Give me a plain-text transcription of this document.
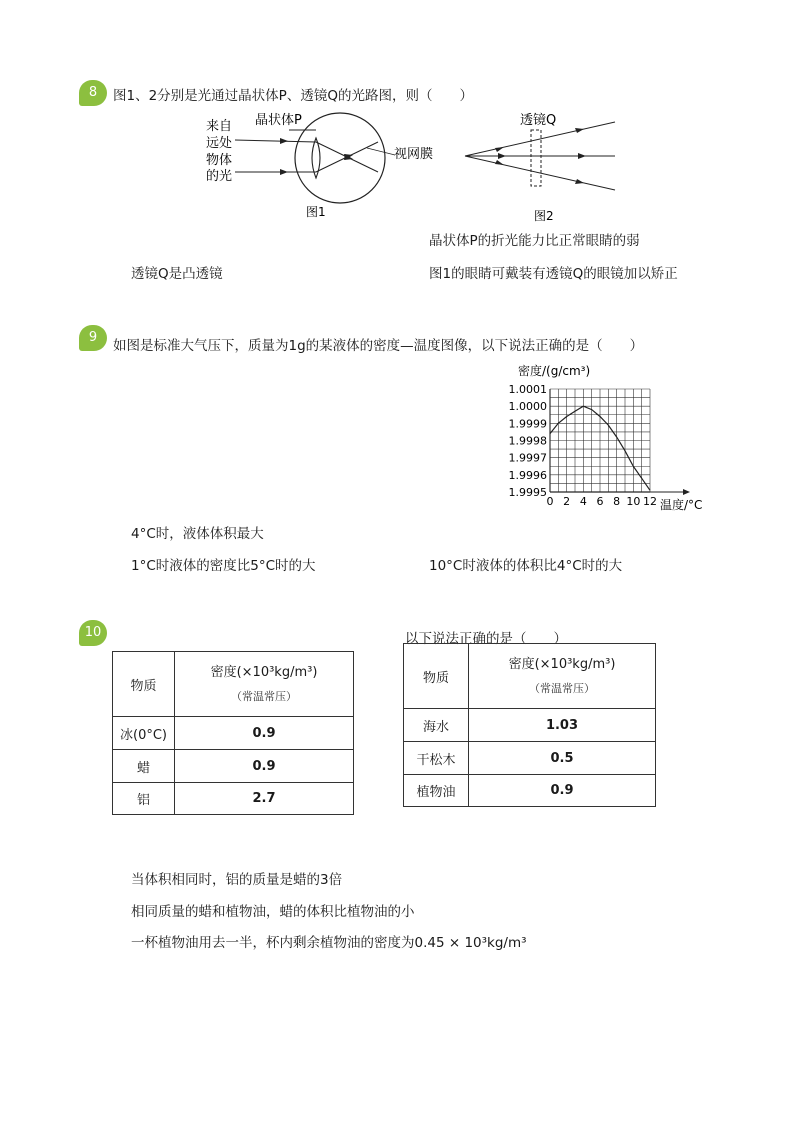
8	图1、2分别是光通过晶状体P、透镜Q的光路图，则（　　）
来自
远处
物体
的光
晶状体P
视网膜
图1
透镜Q
图2
晶状体P的折光能力比正常眼睛的弱
透镜Q是凸透镜	图1的眼睛可戴装有透镜Q的眼镜加以矫正
9
如图是标准大气压下，质量为1g的某液体的密度—温度图像，以下说法正确的是（　　）
1.0001
1.0000
1.9999
1.9998
1.9997
1.9996
1.9995
0 2 4 6 8 10 12
密度/(g/cm³)
温度/°C
4°C时，液体体积最大
1°C时液体的密度比5°C时的大	10°C时液体的体积比4°C时的大
10	以下说法正确的是（　　）
物质	密度(×10³kg/m³)
（常温常压）

冰(0°C)	0.9
蜡	0.9
铝	2.7
物质	密度(×10³kg/m³)
（常温常压）

海水	1.03
干松木	0.5
植物油	0.9
当体积相同时，铝的质量是蜡的3倍
相同质量的蜡和植物油，蜡的体积比植物油的小
一杯植物油用去一半，杯内剩余植物油的密度为0.45 × 10³kg/m³
